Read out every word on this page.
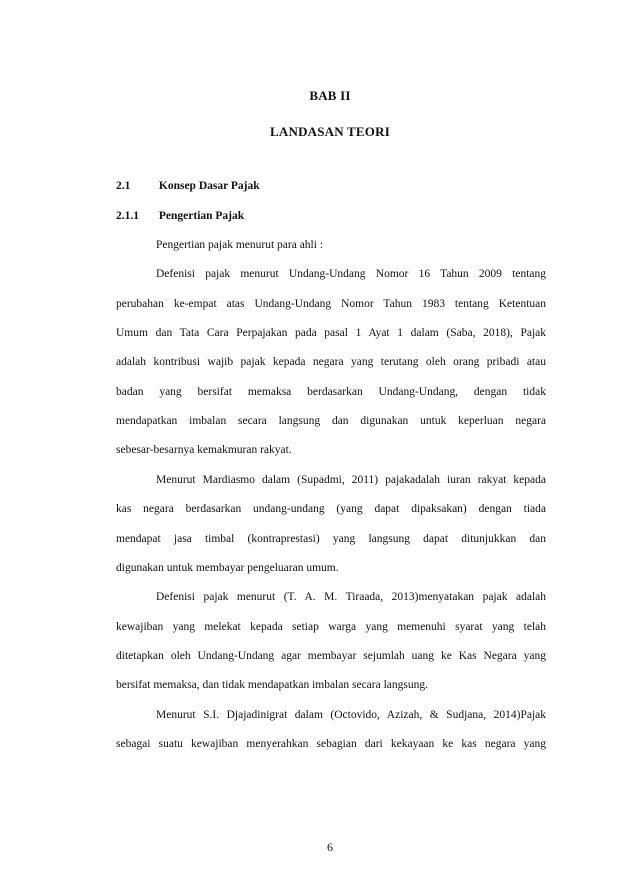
BAB II
LANDASAN TEORI
2.1 Konsep Dasar Pajak
2.1.1 Pengertian Pajak
Pengertian pajak menurut para ahli :
Defenisi pajak menurut Undang-Undang Nomor 16 Tahun 2009 tentang
perubahan ke-empat atas Undang-Undang Nomor Tahun 1983 tentang Ketentuan
Umum dan Tata Cara Perpajakan pada pasal 1 Ayat 1 dalam (Saba, 2018), Pajak
adalah kontribusi wajib pajak kepada negara yang terutang oleh orang pribadi atau
badan yang bersifat memaksa berdasarkan Undang-Undang, dengan tidak
mendapatkan imbalan secara langsung dan digunakan untuk keperluan negara
sebesar-besarnya kemakmuran rakyat.
Menurut Mardiasmo dalam (Supadmi, 2011) pajakadalah iuran rakyat kepada
kas negara berdasarkan undang-undang (yang dapat dipaksakan) dengan tiada
mendapat jasa timbal (kontraprestasi) yang langsung dapat ditunjukkan dan
digunakan untuk membayar pengeluaran umum.
Defenisi pajak menurut (T. A. M. Tiraada, 2013)menyatakan pajak adalah
kewajiban yang melekat kepada setiap warga yang memenuhi syarat yang telah
ditetapkan oleh Undang-Undang agar membayar sejumlah uang ke Kas Negara yang
bersifat memaksa, dan tidak mendapatkan imbalan secara langsung.
Menurut S.I. Djajadinigrat dalam (Octovido, Azizah, & Sudjana, 2014)Pajak
sebagai suatu kewajiban menyerahkan sebagian dari kekayaan ke kas negara yang
6
